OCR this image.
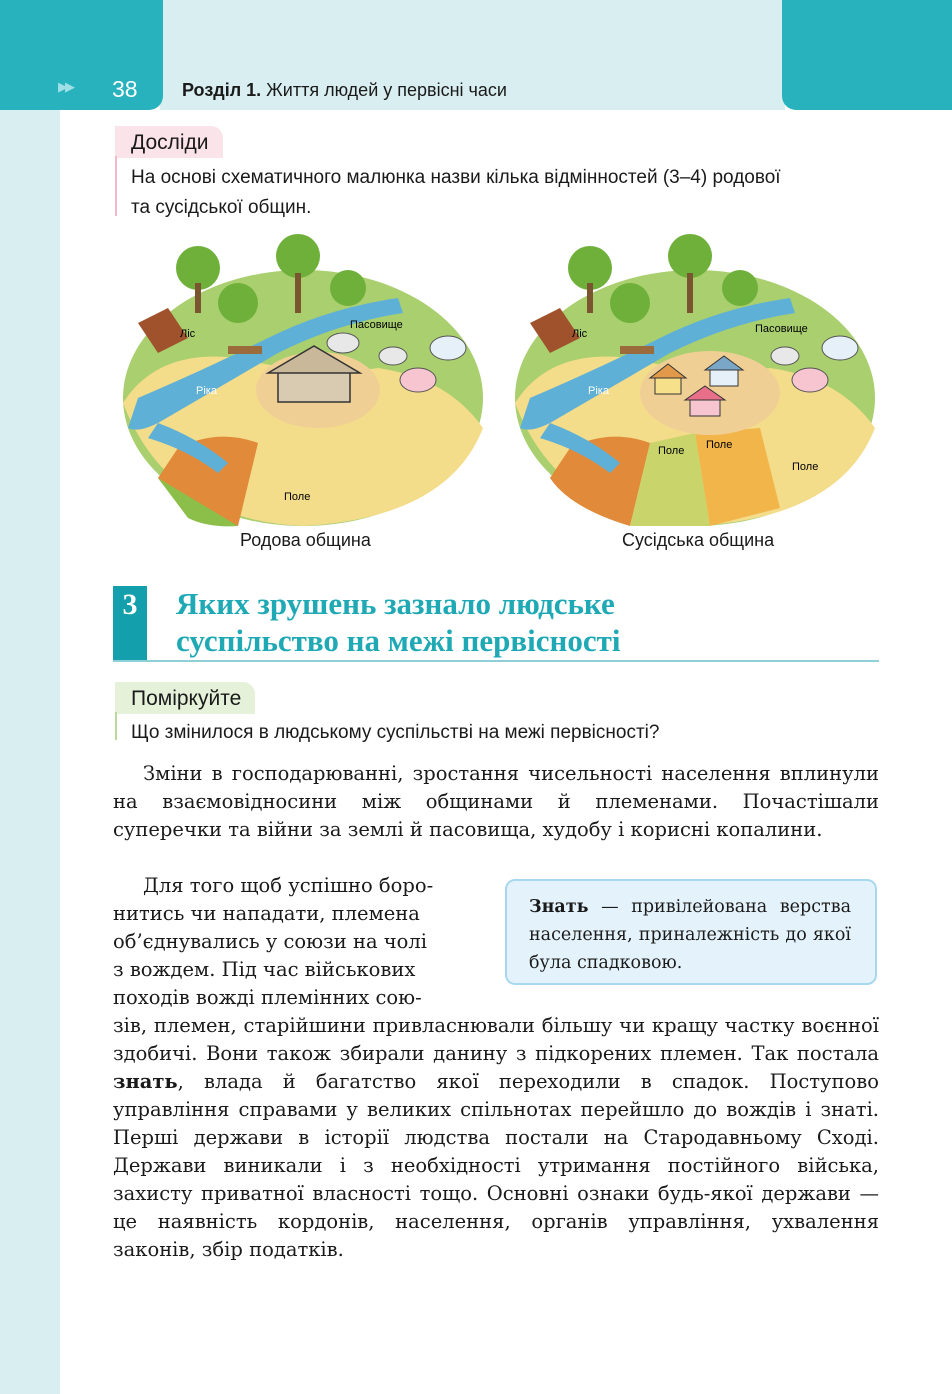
▶▶ 38 Розділ 1. Життя людей у первісні часи
Досліди
На основі схематичного малюнка назви кілька відмінностей (3–4) родової
та сусідської общин.
Ліс
Пасовище
Ріка
Поле
Родова община
Ліс	Пасовище
Ріка
Поле Поле
Поле
Сусідська община
3	Яких зрушень зазнало людське
суспільство на межі первісності
Поміркуйте
Що змінилося в людському суспільстві на межі первісності?
Зміни в господарюванні, зростання чисельності населення вплинули на взаємовідносини між общинами й племенами. Почастішали суперечки та війни за землі й пасовища, худобу і корисні копалини.
Для того щоб успішно боро-
нитись чи нападати, племена
об’єднувались у союзи на чолі
з вождем. Під час військових
походів вожді племінних сою-
Знать — привілейована верства населення, приналежність до якої була спадковою.
зів, племен, старійшини привласнювали більшу чи кращу частку воєнної здобичі. Вони також збирали данину з підкорених племен. Так постала знать, влада й багатство якої переходили в спадок. Поступово управління справами у великих спільнотах перейшло до вождів і знаті. Перші держави в історії людства постали на Стародавньому Сході. Держави виникали і з необхідності утримання постійного війська, захисту приватної власності тощо. Основні ознаки будь-якої держави — це наявність кордонів, населення, органів управління, ухвалення законів, збір податків.
